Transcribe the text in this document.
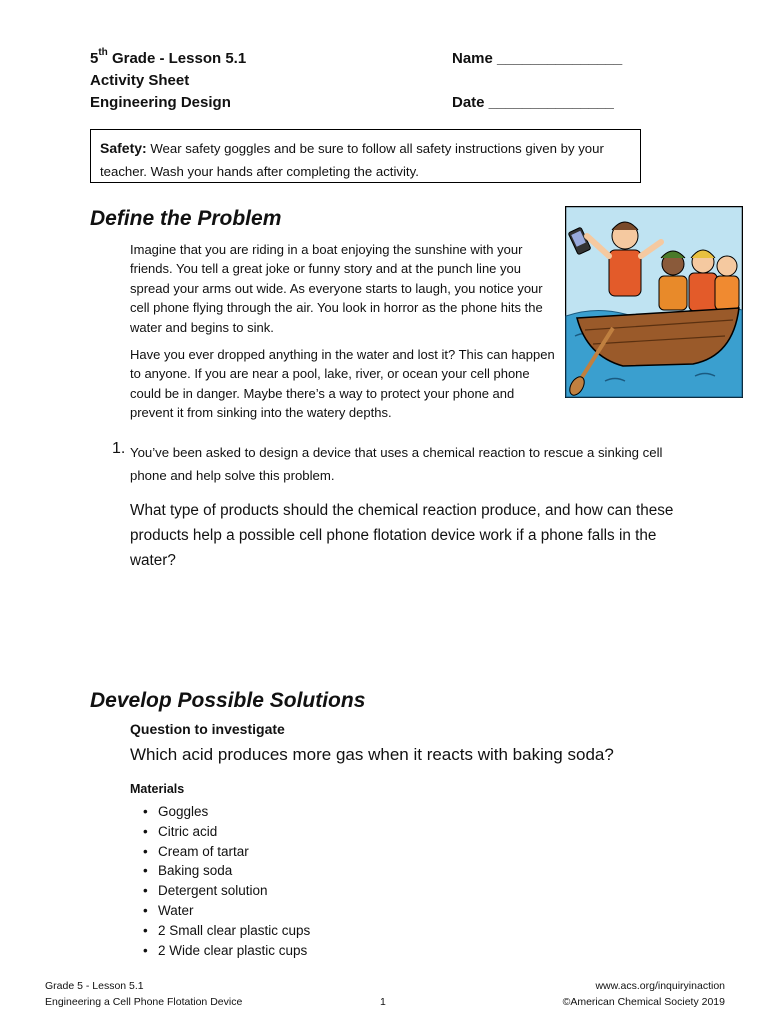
5th Grade - Lesson 5.1
Activity Sheet
Engineering Design
Name _______________
Date _______________
Safety: Wear safety goggles and be sure to follow all safety instructions given by your teacher. Wash your hands after completing the activity.
Define the Problem
Imagine that you are riding in a boat enjoying the sunshine with your friends. You tell a great joke or funny story and at the punch line you spread your arms out wide. As everyone starts to laugh, you notice your cell phone flying through the air. You look in horror as the phone hits the water and begins to sink.
Have you ever dropped anything in the water and lost it? This can happen to anyone. If you are near a pool, lake, river, or ocean your cell phone could be in danger. Maybe there’s a way to protect your phone and prevent it from sinking into the watery depths.
1. You’ve been asked to design a device that uses a chemical reaction to rescue a sinking cell phone and help solve this problem.
What type of products should the chemical reaction produce, and how can these products help a possible cell phone flotation device work if a phone falls in the water?
Develop Possible Solutions
Question to investigate
Which acid produces more gas when it reacts with baking soda?
Materials
• Goggles
• Citric acid
• Cream of tartar
• Baking soda
• Detergent solution
• Water
• 2 Small clear plastic cups
• 2 Wide clear plastic cups
Grade 5 - Lesson 5.1
Engineering a Cell Phone Flotation Device	1
www.acs.org/inquiryinaction
©American Chemical Society 2019
